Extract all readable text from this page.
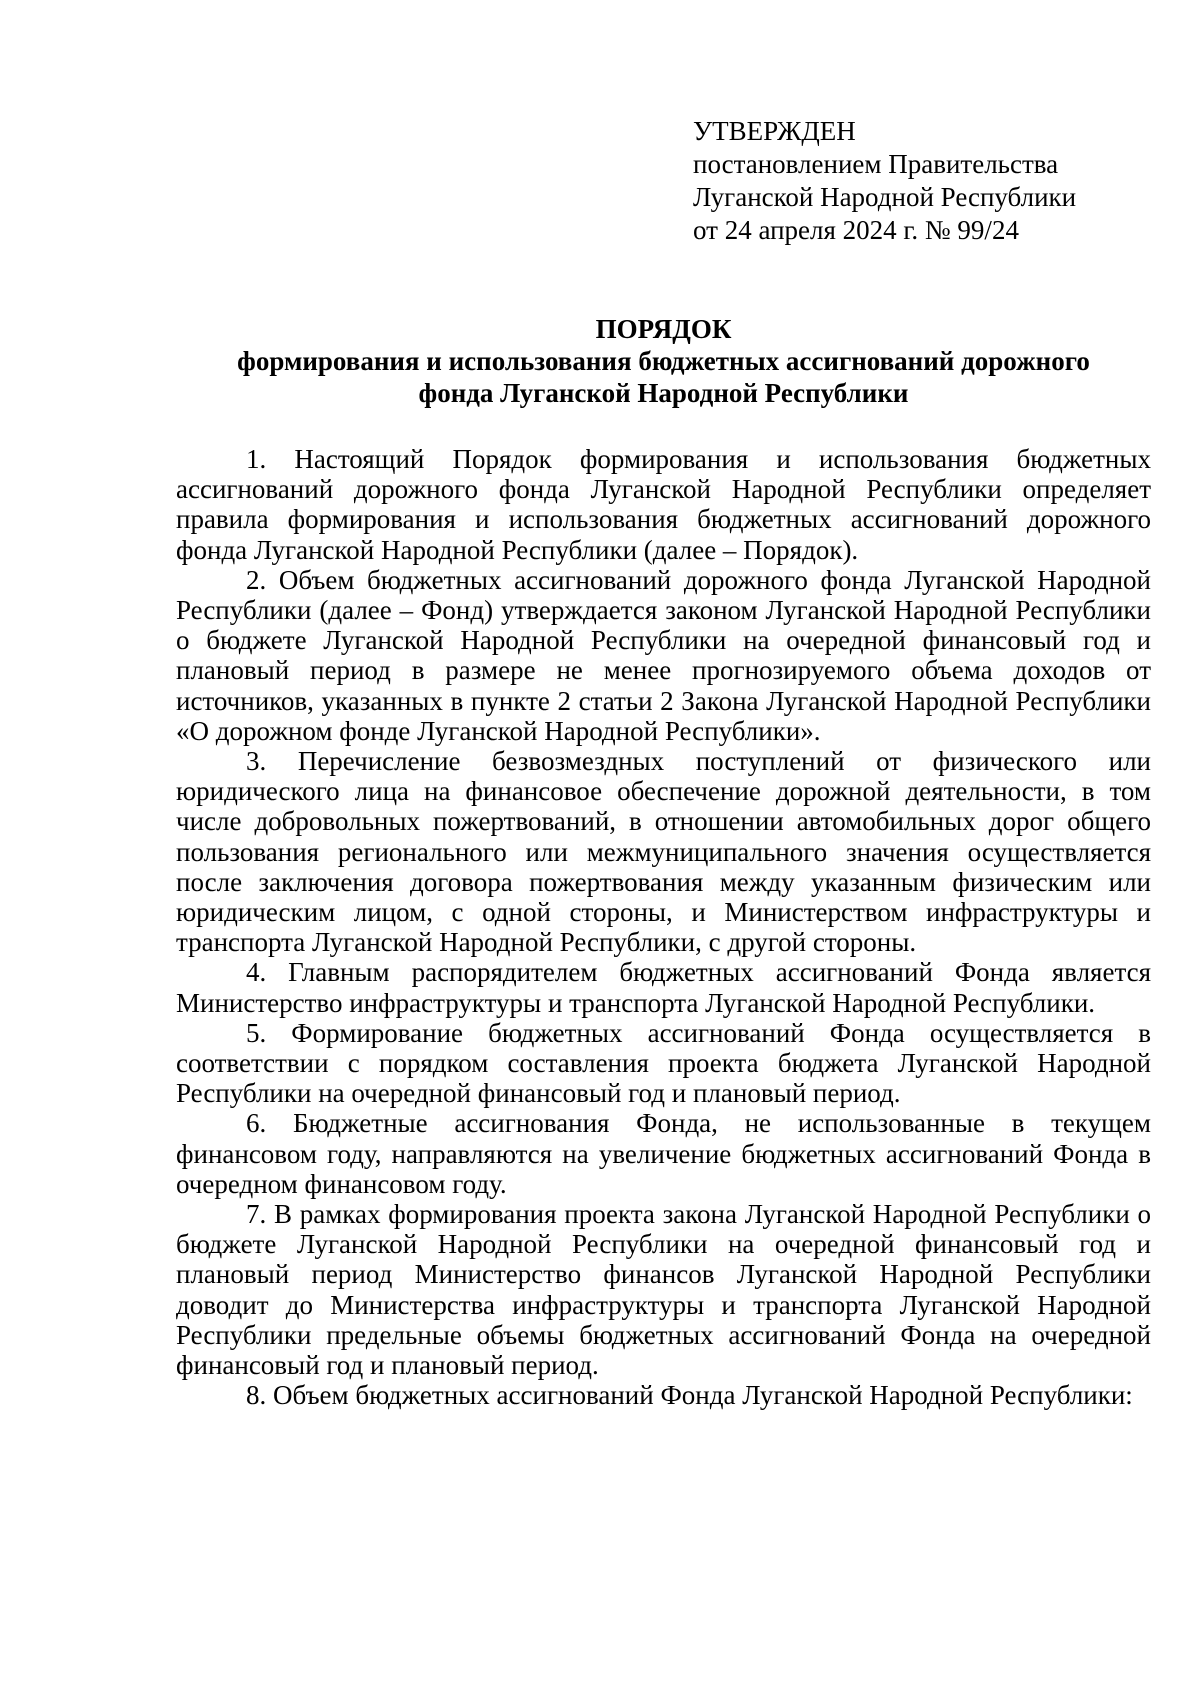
УТВЕРЖДЕН
постановлением Правительства
Луганской Народной Республики
от 24 апреля 2024 г. № 99/24
ПОРЯДОК
формирования и использования бюджетных ассигнований дорожного
фонда Луганской Народной Республики

1. Настоящий Порядок формирования и использования бюджетных ассигнований дорожного фонда Луганской Народной Республики определяет правила формирования и использования бюджетных ассигнований дорожного фонда Луганской Народной Республики (далее – Порядок).

2. Объем бюджетных ассигнований дорожного фонда Луганской Народной Республики (далее – Фонд) утверждается законом Луганской Народной Республики о бюджете Луганской Народной Республики на очередной финансовый год и плановый период в размере не менее прогнозируемого объема доходов от источников, указанных в пункте 2 статьи 2 Закона Луганской Народной Республики «О дорожном фонде Луганской Народной Республики».

3. Перечисление безвозмездных поступлений от физического или юридического лица на финансовое обеспечение дорожной деятельности, в том числе добровольных пожертвований, в отношении автомобильных дорог общего пользования регионального или межмуниципального значения осуществляется после заключения договора пожертвования между указанным физическим или юридическим лицом, с одной стороны, и Министерством инфраструктуры и транспорта Луганской Народной Республики, с другой стороны.

4. Главным распорядителем бюджетных ассигнований Фонда является Министерство инфраструктуры и транспорта Луганской Народной Республики.

5. Формирование бюджетных ассигнований Фонда осуществляется в соответствии с порядком составления проекта бюджета Луганской Народной Республики на очередной финансовый год и плановый период.

6. Бюджетные ассигнования Фонда, не использованные в текущем финансовом году, направляются на увеличение бюджетных ассигнований Фонда в очередном финансовом году.

7. В рамках формирования проекта закона Луганской Народной Республики о бюджете Луганской Народной Республики на очередной финансовый год и плановый период Министерство финансов Луганской Народной Республики доводит до Министерства инфраструктуры и транспорта Луганской Народной Республики предельные объемы бюджетных ассигнований Фонда на очередной финансовый год и плановый период.

8. Объем бюджетных ассигнований Фонда Луганской Народной Республики:
